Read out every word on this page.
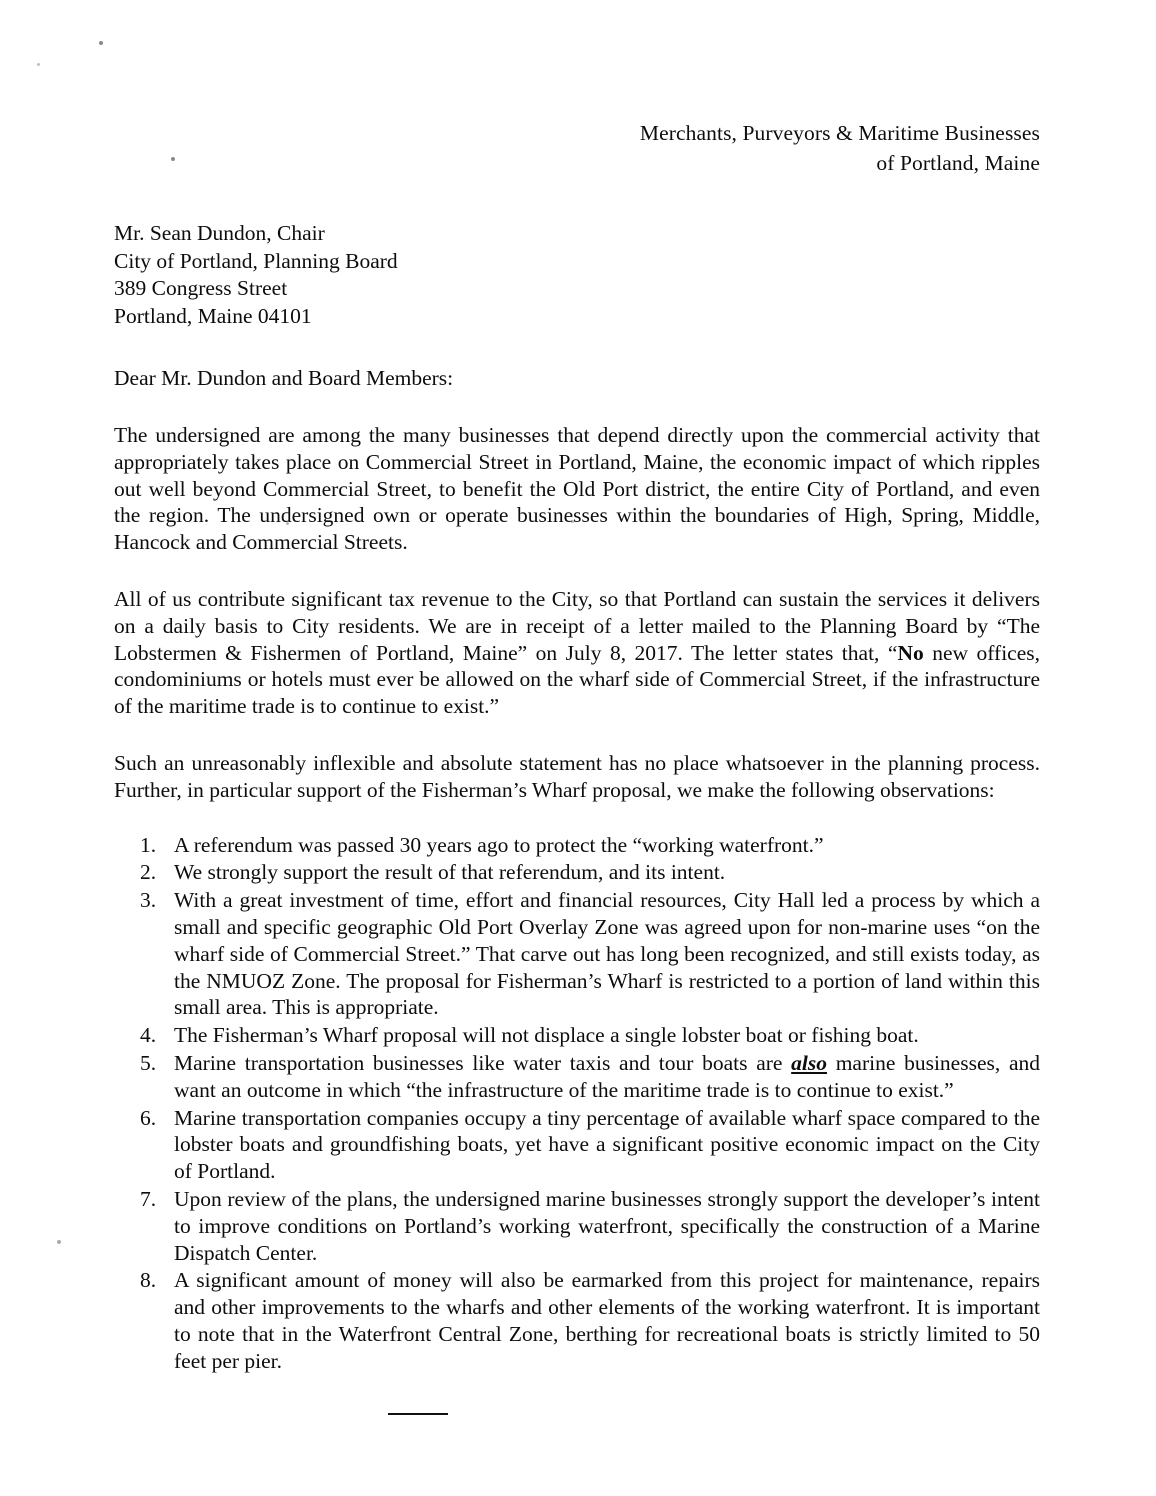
Merchants, Purveyors & Maritime Businesses
of Portland, Maine
Mr. Sean Dundon, Chair
City of Portland, Planning Board
389 Congress Street
Portland, Maine 04101
Dear Mr. Dundon and Board Members:

The undersigned are among the many businesses that depend directly upon the commercial activity that appropriately takes place on Commercial Street in Portland, Maine, the economic impact of which ripples out well beyond Commercial Street, to benefit the Old Port district, the entire City of Portland, and even the region. The undersigned own or operate businesses within the boundaries of High, Spring, Middle, Hancock and Commercial Streets.

All of us contribute significant tax revenue to the City, so that Portland can sustain the services it delivers on a daily basis to City residents. We are in receipt of a letter mailed to the Planning Board by “The Lobstermen & Fishermen of Portland, Maine” on July 8, 2017. The letter states that, “No new offices, condominiums or hotels must ever be allowed on the wharf side of Commercial Street, if the infrastructure of the maritime trade is to continue to exist.”

Such an unreasonably inflexible and absolute statement has no place whatsoever in the planning process. Further, in particular support of the Fisherman’s Wharf proposal, we make the following observations:

A referendum was passed 30 years ago to protect the “working waterfront.”
We strongly support the result of that referendum, and its intent.
With a great investment of time, effort and financial resources, City Hall led a process by which a small and specific geographic Old Port Overlay Zone was agreed upon for non-marine uses “on the wharf side of Commercial Street.” That carve out has long been recognized, and still exists today, as the NMUOZ Zone. The proposal for Fisherman’s Wharf is restricted to a portion of land within this small area. This is appropriate.
The Fisherman’s Wharf proposal will not displace a single lobster boat or fishing boat.
Marine transportation businesses like water taxis and tour boats are also marine businesses, and want an outcome in which “the infrastructure of the maritime trade is to continue to exist.”
Marine transportation companies occupy a tiny percentage of available wharf space compared to the lobster boats and groundfishing boats, yet have a significant positive economic impact on the City of Portland.
Upon review of the plans, the undersigned marine businesses strongly support the developer’s intent to improve conditions on Portland’s working waterfront, specifically the construction of a Marine Dispatch Center.
A significant amount of money will also be earmarked from this project for maintenance, repairs and other improvements to the wharfs and other elements of the working waterfront. It is important to note that in the Waterfront Central Zone, berthing for recreational boats is strictly limited to 50 feet per pier.
